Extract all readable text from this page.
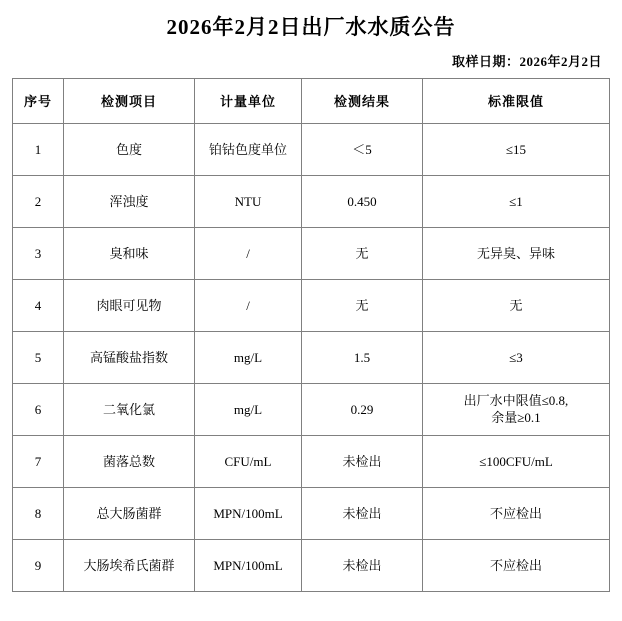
2026年2月2日出厂水水质公告
取样日期：2026年2月2日
序号	检测项目	计量单位	检测结果	标准限值
1	色度	铂钴色度单位	＜5	≤15
2	浑浊度	NTU	0.450	≤1
3	臭和味	/	无	无异臭、异味
4	肉眼可见物	/	无	无
5	高锰酸盐指数	mg/L	1.5	≤3
6	二氧化氯	mg/L	0.29	出厂水中限值≤0.8,
余量≥0.1

7	菌落总数	CFU/mL	未检出	≤100CFU/mL
8	总大肠菌群	MPN/100mL	未检出	不应检出
9	大肠埃希氏菌群	MPN/100mL	未检出	不应检出
